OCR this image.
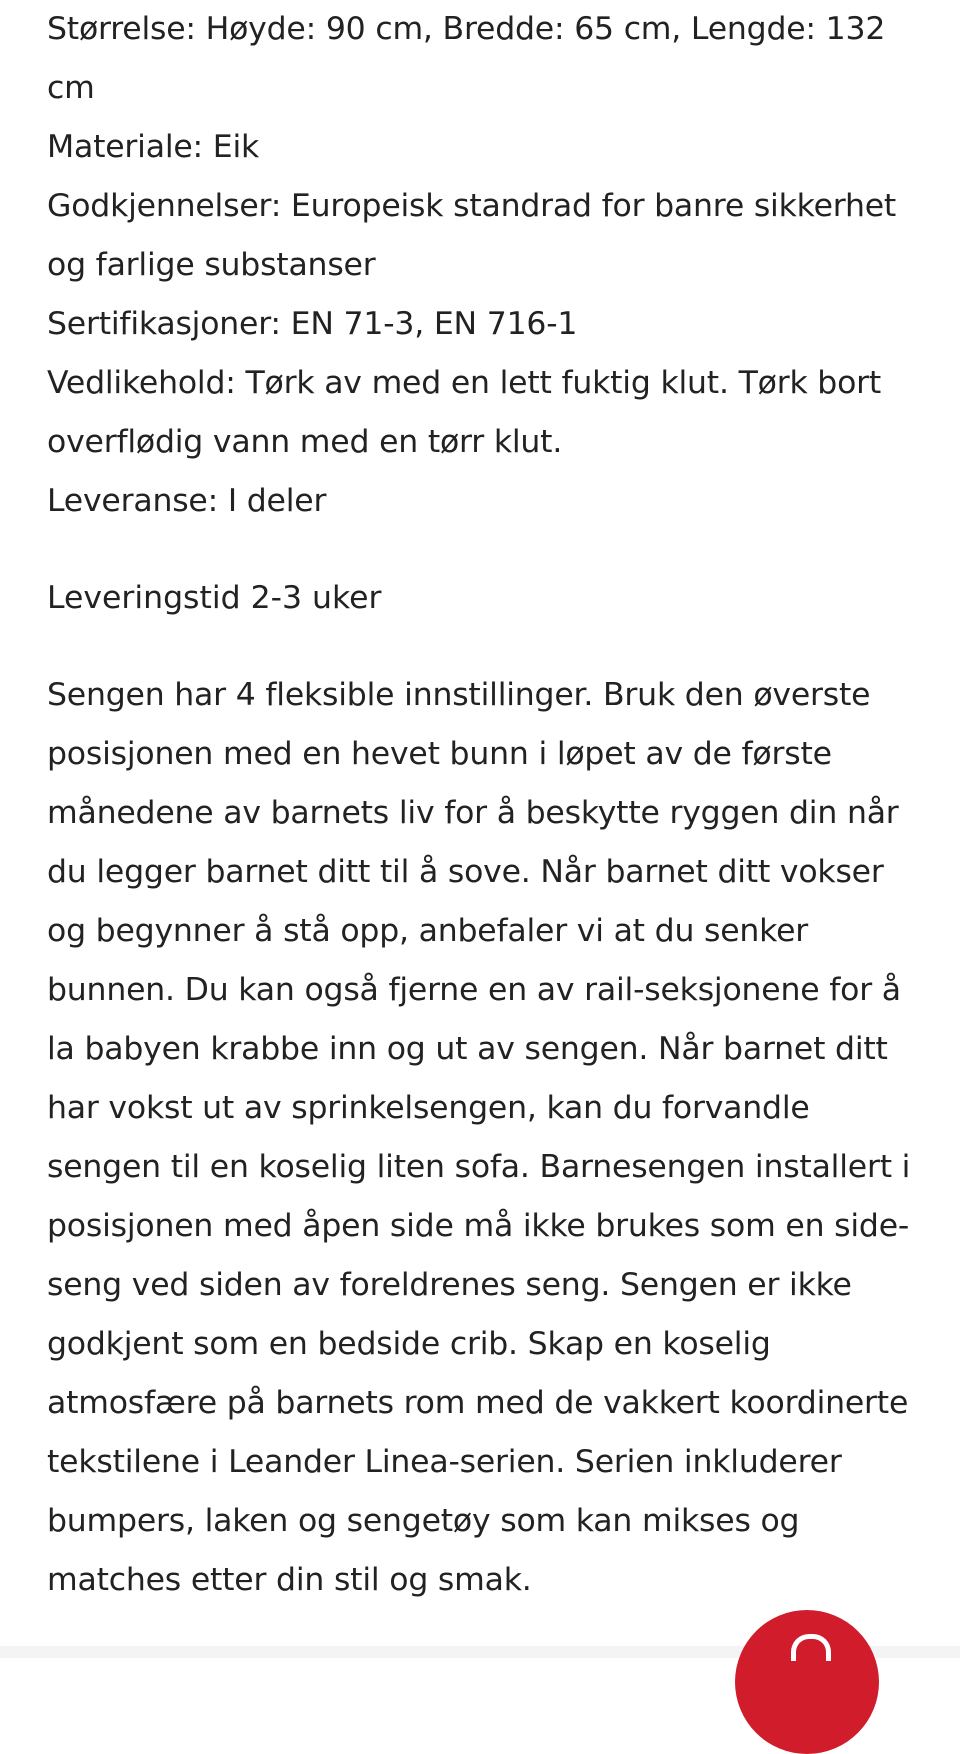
Størrelse: Høyde: 90 cm, Bredde: 65 cm, Lengde: 132 cm
Materiale: Eik
Godkjennelser: Europeisk standrad for banre sikkerhet og farlige substanser
Sertifikasjoner: EN 71-3, EN 716-1
Vedlikehold: Tørk av med en lett fuktig klut. Tørk bort overflødig vann med en tørr klut.
Leveranse: I deler
Leveringstid 2-3 uker
Sengen har 4 fleksible innstillinger. Bruk den øverste posisjonen med en hevet bunn i løpet av de første månedene av barnets liv for å beskytte ryggen din når du legger barnet ditt til å sove. Når barnet ditt vokser og begynner å stå opp, anbefaler vi at du senker bunnen. Du kan også fjerne en av rail-seksjonene for å la babyen krabbe inn og ut av sengen. Når barnet ditt har vokst ut av sprinkelsengen, kan du forvandle sengen til en koselig liten sofa. Barnesengen installert i posisjonen med åpen side må ikke brukes som en side-seng ved siden av foreldrenes seng. Sengen er ikke godkjent som en bedside crib. Skap en koselig atmosfære på barnets rom med de vakkert koordinerte tekstilene i Leander Linea-serien. Serien inkluderer bumpers, laken og sengetøy som kan mikses og matches etter din stil og smak.
